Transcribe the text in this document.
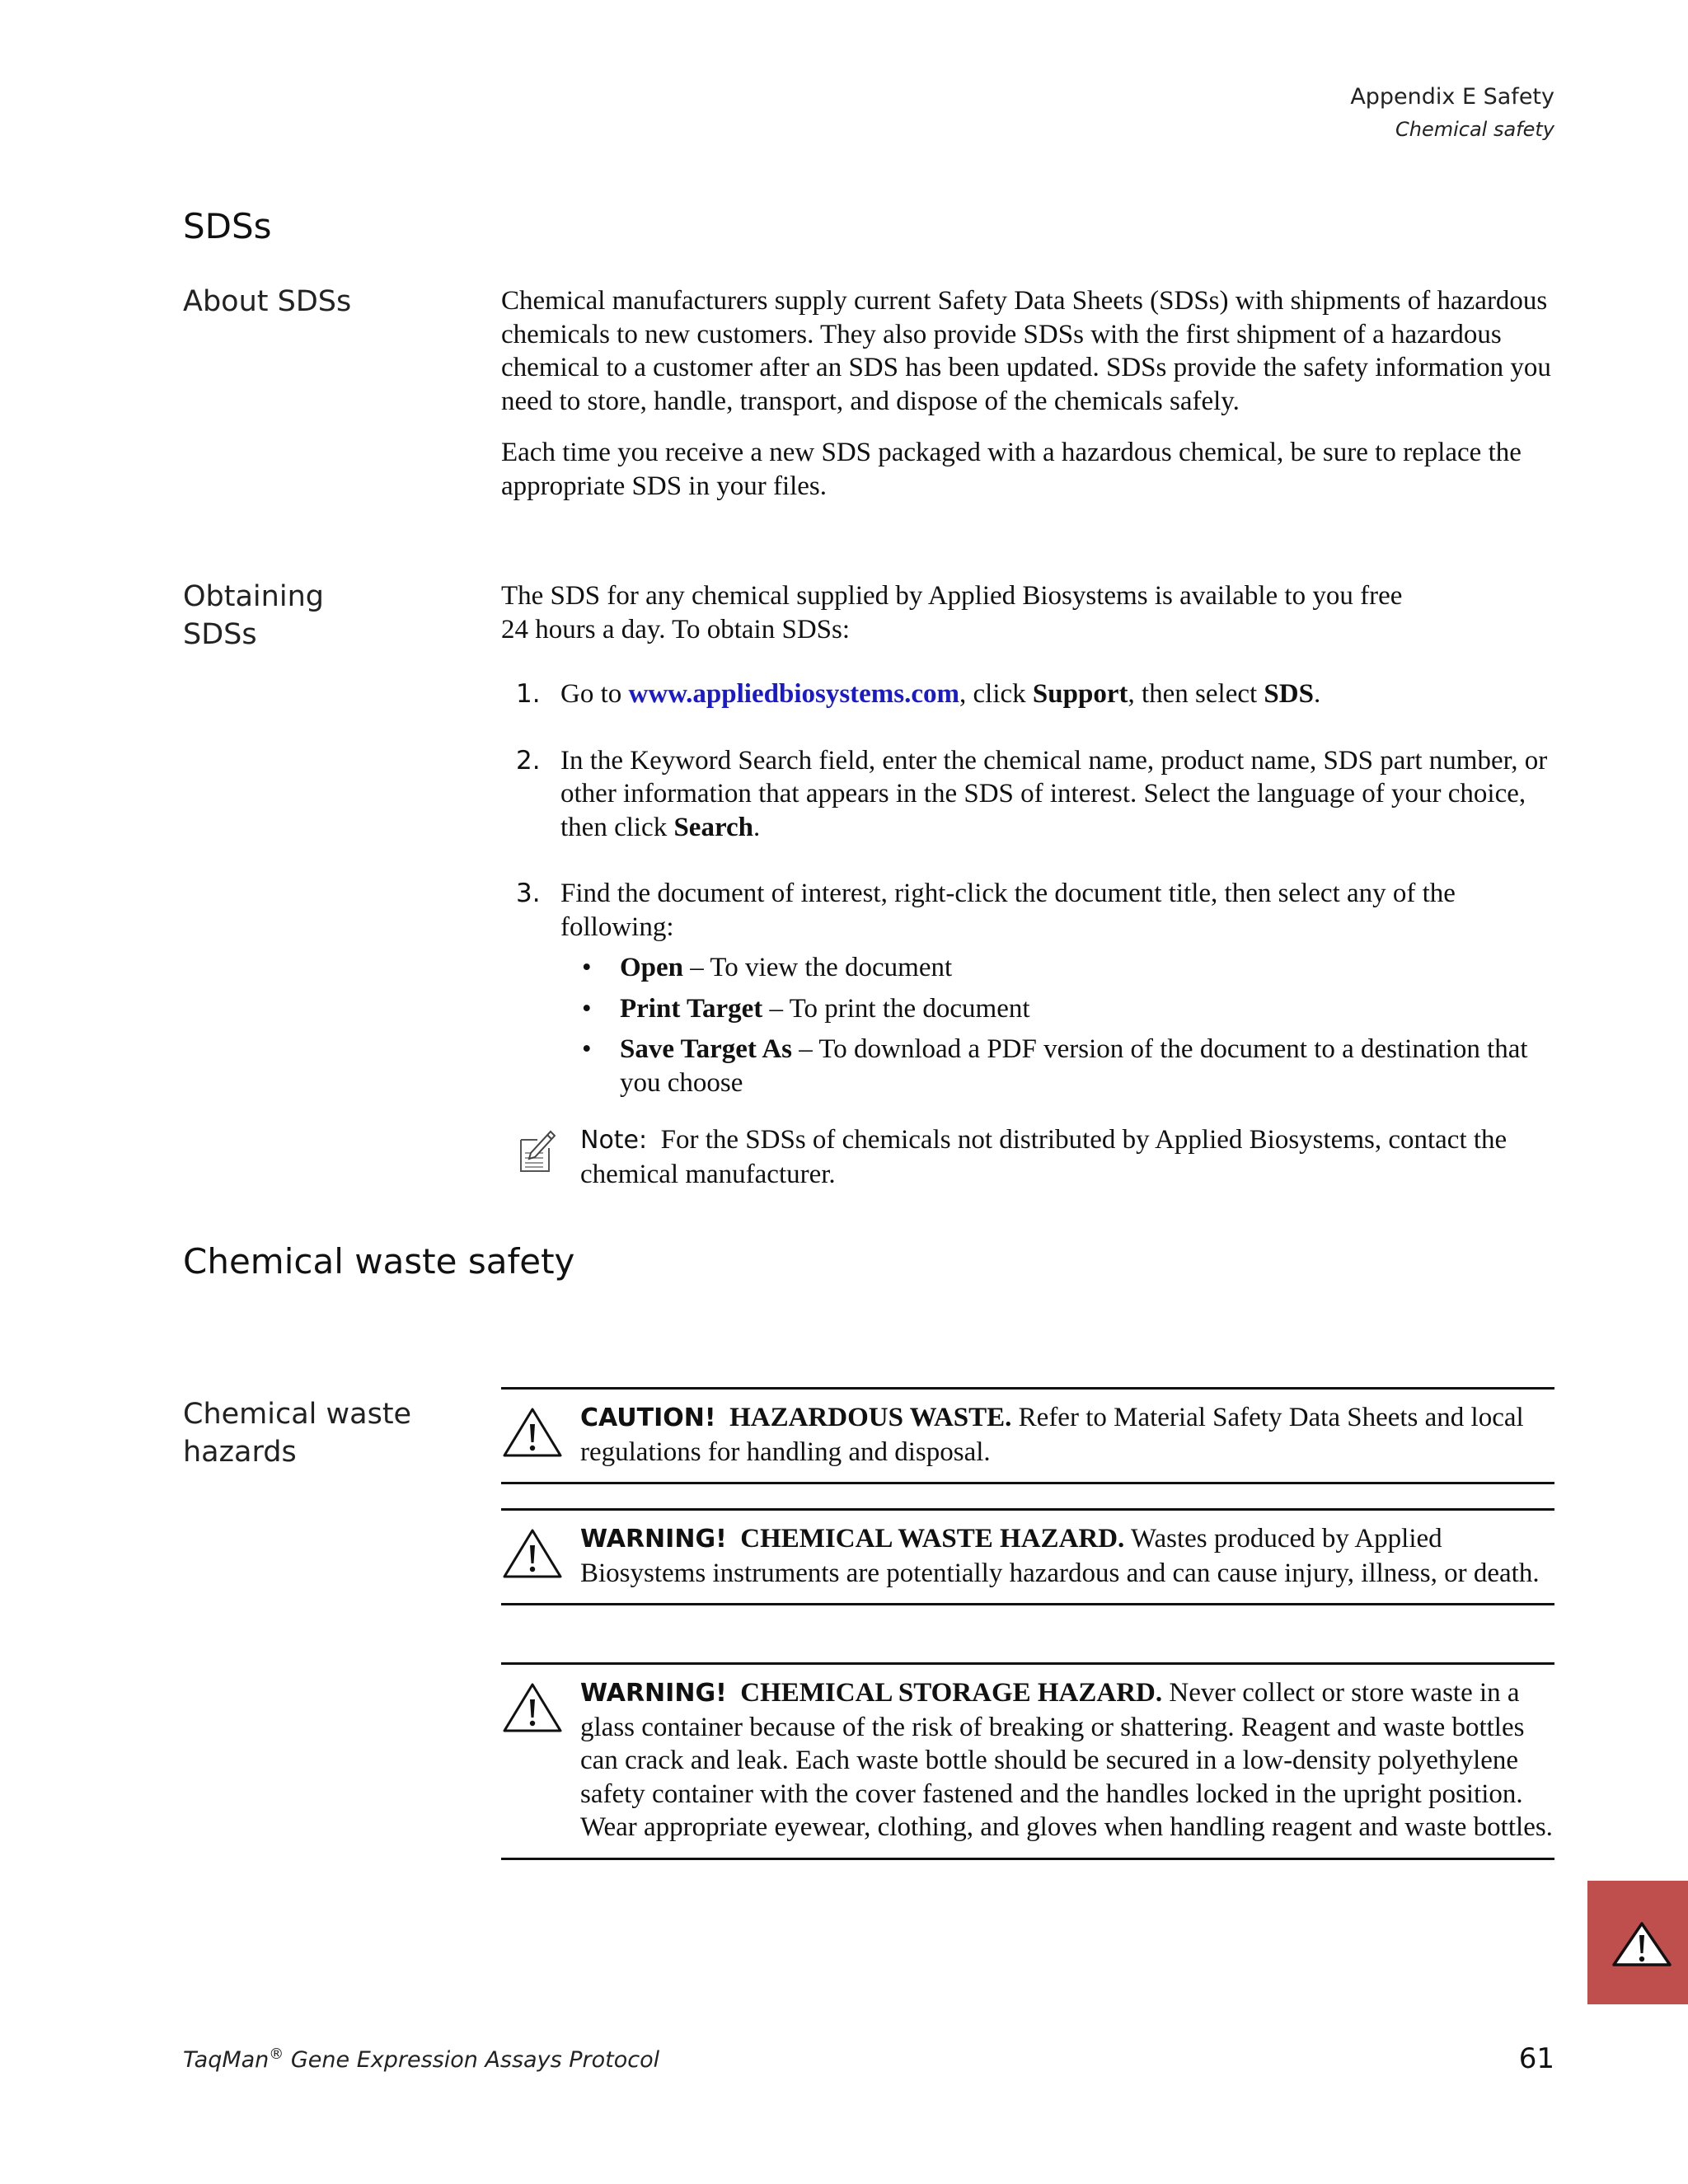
Appendix E Safety
Chemical safety
SDSs
About SDSs	Chemical manufacturers supply current Safety Data Sheets (SDSs) with shipments of hazardous chemicals to new customers. They also provide SDSs with the first shipment of a hazardous chemical to a customer after an SDS has been updated. SDSs provide the safety information you need to store, handle, transport, and dispose of the chemicals safely.

Each time you receive a new SDS packaged with a hazardous chemical, be sure to replace the appropriate SDS in your files.

Obtaining
SDSs
The SDS for any chemical supplied by Applied Biosystems is available to you free
24 hours a day. To obtain SDSs:
1. Go to www.appliedbiosystems.com, click Support, then select SDS.
2. In the Keyword Search field, enter the chemical name, product name, SDS part number, or other information that appears in the SDS of interest. Select the language of your choice, then click Search.
3. Find the document of interest, right-click the document title, then select any of the following:
• Open – To view the document
• Print Target – To print the document
• Save Target As – To download a PDF version of the document to a destination that you choose
Note: For the SDSs of chemicals not distributed by Applied Biosystems, contact the chemical manufacturer.
Chemical waste safety
Chemical waste
hazards
CAUTION! HAZARDOUS WASTE. Refer to Material Safety Data Sheets and local regulations for handling and disposal.
WARNING! CHEMICAL WASTE HAZARD. Wastes produced by Applied Biosystems instruments are potentially hazardous and can cause injury, illness, or death.
WARNING! CHEMICAL STORAGE HAZARD. Never collect or store waste in a glass container because of the risk of breaking or shattering. Reagent and waste bottles can crack and leak. Each waste bottle should be secured in a low-density polyethylene safety container with the cover fastened and the handles locked in the upright position. Wear appropriate eyewear, clothing, and gloves when handling reagent and waste bottles.
TaqMan® Gene Expression Assays Protocol	61
